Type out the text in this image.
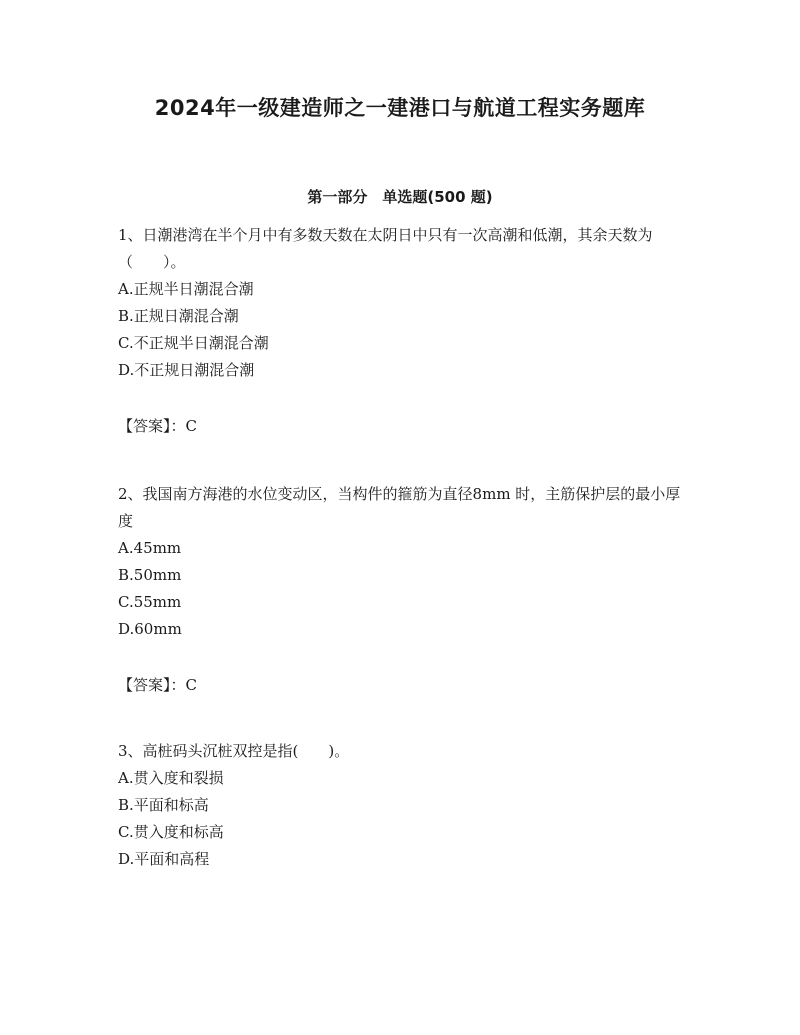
2024年一级建造师之一建港口与航道工程实务题库
第一部分　单选题(500 题)

1、日潮港湾在半个月中有多数天数在太阴日中只有一次高潮和低潮，其余天数为（　　）。

A.正规半日潮混合潮
B.正规日潮混合潮
C.不正规半日潮混合潮
D.不正规日潮混合潮

【答案】：C

2、我国南方海港的水位变动区，当构件的箍筋为直径8mm 时，主筋保护层的最小厚度

A.45mm
B.50mm
C.55mm
D.60mm

【答案】：C

3、高桩码头沉桩双控是指(　　)。

A.贯入度和裂损
B.平面和标高
C.贯入度和标高
D.平面和高程
